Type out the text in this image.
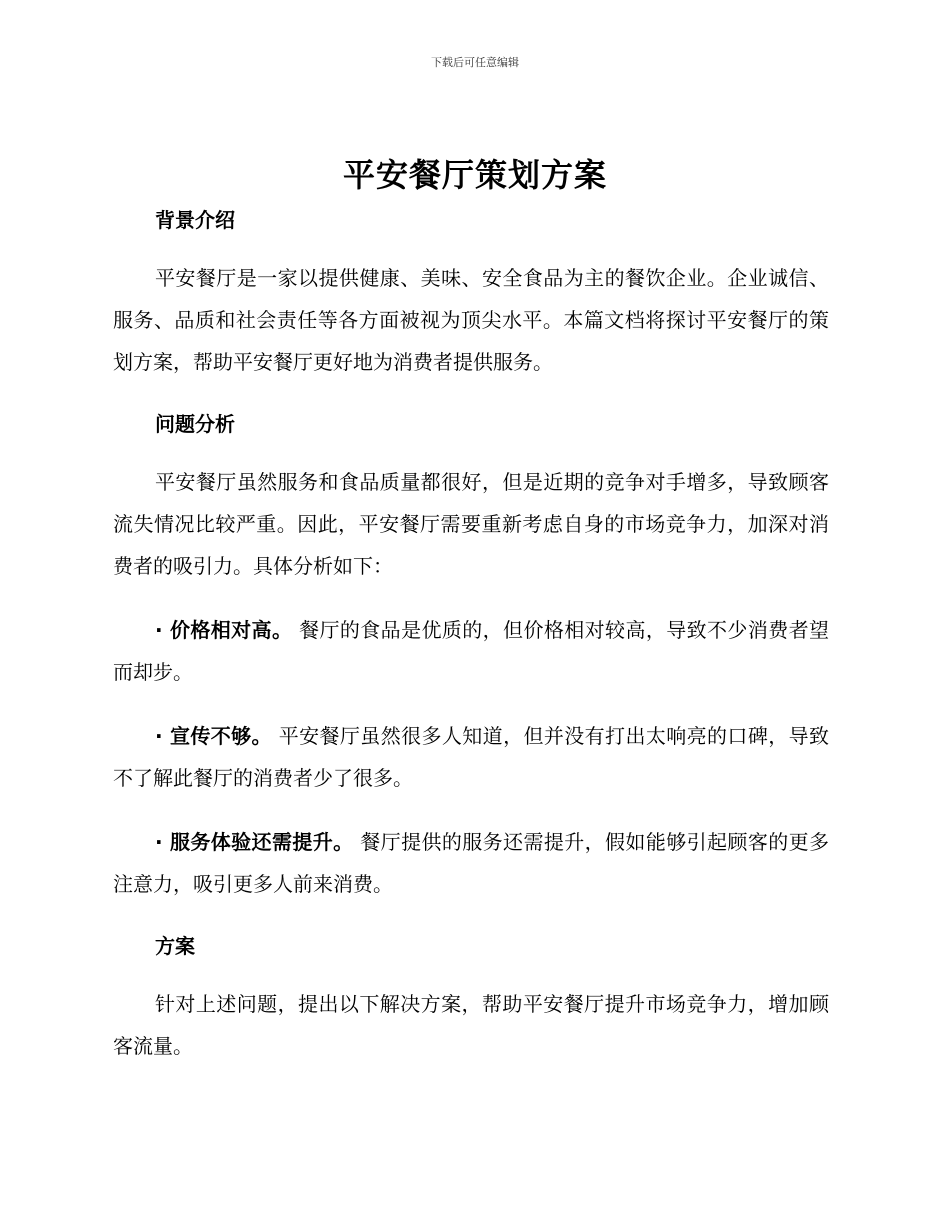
下载后可任意编辑
平安餐厅策划方案
背景介绍

平安餐厅是一家以提供健康、美味、安全食品为主的餐饮企业。企业诚信、服务、品质和社会责任等各方面被视为顶尖水平。本篇文档将探讨平安餐厅的策划方案，帮助平安餐厅更好地为消费者提供服务。

问题分析

平安餐厅虽然服务和食品质量都很好，但是近期的竞争对手增多，导致顾客流失情况比较严重。因此，平安餐厅需要重新考虑自身的市场竞争力，加深对消费者的吸引力。具体分析如下：

· 价格相对高。 餐厅的食品是优质的，但价格相对较高，导致不少消费者望而却步。

· 宣传不够。 平安餐厅虽然很多人知道，但并没有打出太响亮的口碑，导致不了解此餐厅的消费者少了很多。

· 服务体验还需提升。 餐厅提供的服务还需提升，假如能够引起顾客的更多注意力，吸引更多人前来消费。

方案

针对上述问题，提出以下解决方案，帮助平安餐厅提升市场竞争力，增加顾客流量。
